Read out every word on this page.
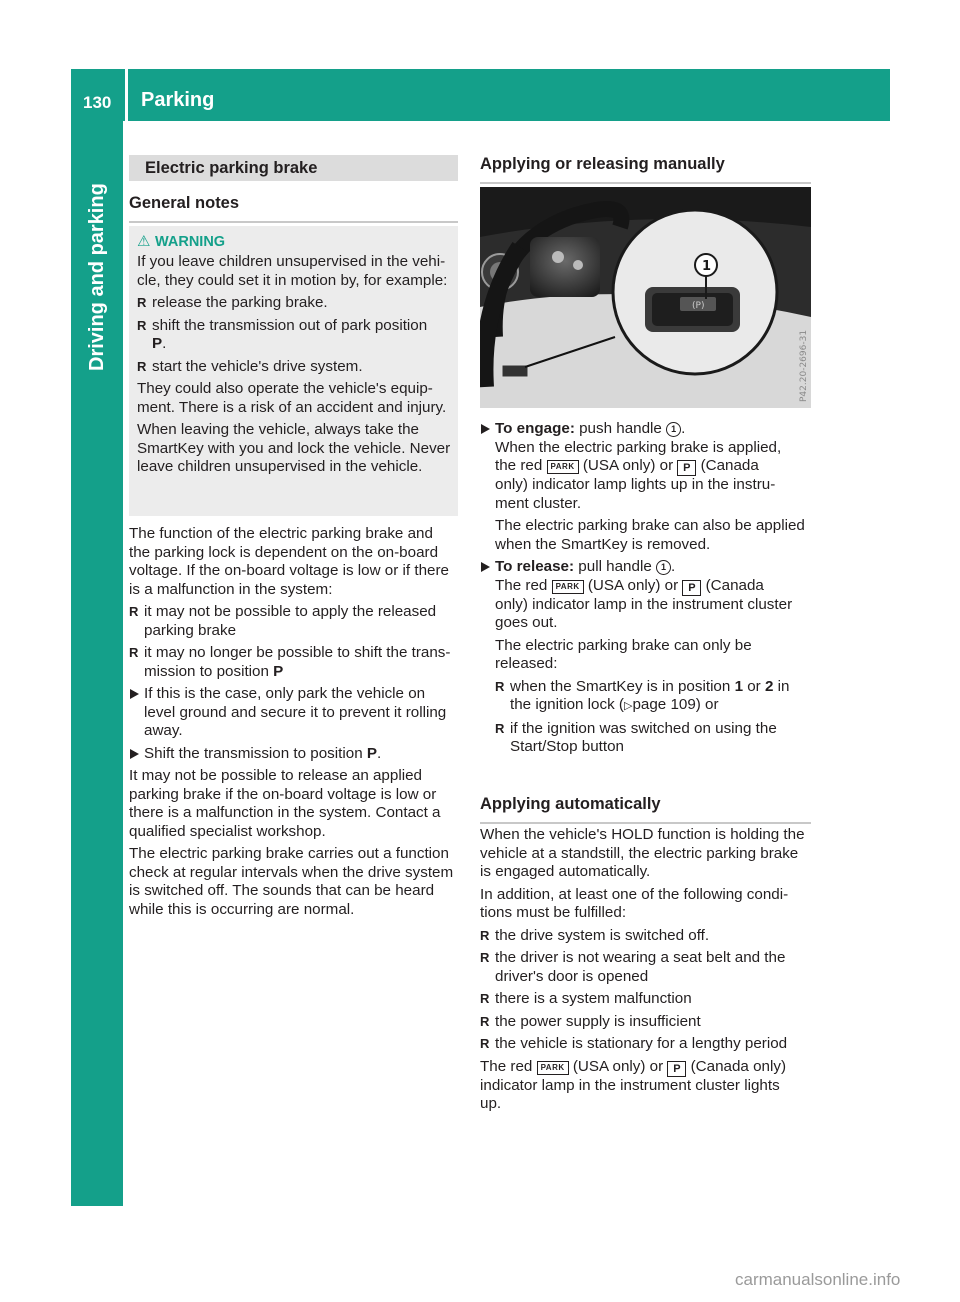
130	Parking
Driving and parking
Electric parking brake
General notes
⚠ WARNING

If you leave children unsupervised in the vehi-

cle, they could set it in motion by, for example:

R release the parking brake.
R shift the transmission out of park position
P.
R start the vehicle's drive system.

They could also operate the vehicle's equip-

ment. There is a risk of an accident and injury.

When leaving the vehicle, always take the

SmartKey with you and lock the vehicle. Never

leave children unsupervised in the vehicle.

The function of the electric parking brake and

the parking lock is dependent on the on-board

voltage. If the on-board voltage is low or if there

is a malfunction in the system:

R it may not be possible to apply the released
parking brake
R it may no longer be possible to shift the trans-
mission to position P
If this is the case, only park the vehicle on
level ground and secure it to prevent it rolling
away.
Shift the transmission to position P.

It may not be possible to release an applied

parking brake if the on-board voltage is low or

there is a malfunction in the system. Contact a

qualified specialist workshop.

The electric parking brake carries out a function

check at regular intervals when the drive system

is switched off. The sounds that can be heard

while this is occurring are normal.

Applying or releasing manually
(P)
1
P42.20-2696-31
To engage: push handle 1 .
When the electric parking brake is applied,
the red PARK (USA only) or P (Canada
only) indicator lamp lights up in the instru-
ment cluster.
The electric parking brake can also be applied
when the SmartKey is removed.
To release: pull handle 1 .
The red PARK (USA only) or P (Canada
only) indicator lamp in the instrument cluster
goes out.
The electric parking brake can only be
released:
R when the SmartKey is in position 1 or 2 in
the ignition lock (▷page 109) or
R if the ignition was switched on using the
Start/Stop button
Applying automatically

When the vehicle's HOLD function is holding the

vehicle at a standstill, the electric parking brake

is engaged automatically.

In addition, at least one of the following condi-

tions must be fulfilled:

R the drive system is switched off.
R the driver is not wearing a seat belt and the
driver's door is opened
R there is a system malfunction
R the power supply is insufficient
R the vehicle is stationary for a lengthy period
The red PARK (USA only) or P (Canada only)

indicator lamp in the instrument cluster lights

up.

carmanualsonline.info
